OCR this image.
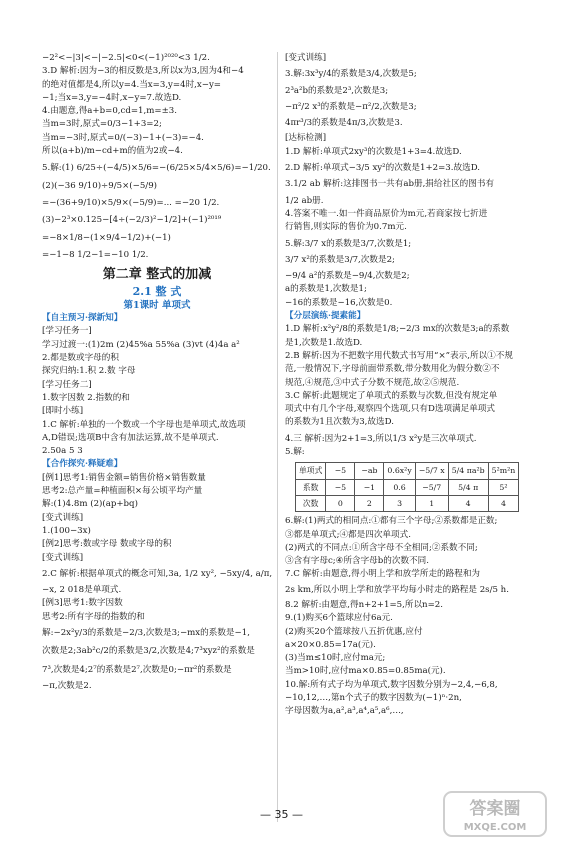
−2²<−|3|<−|−2.5|<0<(−1)²⁰²⁰<3 1/2.
3.D 解析:因为−3的相反数是3,所以x为3,因为4和−4
的绝对值都是4,所以y=4.当x=3,y=4时,x−y=
−1;当x=3,y=−4时,x−y=7.故选D.
4.由题意,得a+b=0,cd=1,m=±3.
当m=3时,原式=0/3−1+3=2;
当m=−3时,原式=0/(−3)−1+(−3)=−4.
所以(a+b)/m−cd+m的值为2或−4.
5.解:(1) 6/25÷(−4/5)×5/6=−(6/25×5/4×5/6)=−1/20.
(2)(−36 9/10)÷9/5×(−5/9)
=−(36+9/10)×5/9×(−5/9)=... =−20 1/2.
(3)−2³×0.125−[4÷(−2/3)²−1/2]+(−1)²⁰¹⁹
=−8×1/8−(1×9/4−1/2)+(−1)
=−1−8 1/2−1=−10 1/2.
第二章 整式的加减
2.1 整 式
第1课时 单项式
【自主预习·探新知】
[学习任务一]
学习过渡一:(1)2m (2)45%a 55%a (3)vt (4)4a a²
2.都是数或字母的积
探究归纳:1.积 2.数 字母
[学习任务二]
1.数字因数 2.指数的和
[即时小练]
1.C 解析:单独的一个数或一个字母也是单项式,故选项
A,D错误;选项B中含有加法运算,故不是单项式.
2.50a 5 3
【合作探究·释疑难】
[例1]思考1:销售金额=销售价格×销售数量
思考2:总产量=种植面积×每公顷平均产量
解:(1)4.8m (2)(ap+bq)
[变式训练]
1.(100−3x)
[例2]思考:数或字母 数或字母的积
[变式训练]
2.C 解析:根据单项式的概念可知,3a, 1/2 xy², −5xy/4, a/π,
−x, 2 018是单项式.
[例3]思考1:数字因数
思考2:所有字母的指数的和
解:−2x²y/3的系数是−2/3,次数是3;−mx的系数是−1,
次数是2;3ab²c/2的系数是3/2,次数是4;7³xyz²的系数是
7³,次数是4;2⁷的系数是2⁷,次数是0;−πr²的系数是
−π,次数是2.
[变式训练]
3.解:3x³y/4的系数是3/4,次数是5;
2³a²b的系数是2³,次数是3;
−π²/2 x³的系数是−π²/2,次数是3;
4πr³/3的系数是4π/3,次数是3.
[达标检测]
1.D 解析:单项式2xy³的次数是1+3=4.故选D.
2.D 解析:单项式−3/5 xy²的次数是1+2=3.故选D.
3.1/2 ab 解析:这排图书一共有ab册,捐给社区的图书有
1/2 ab册.
4.答案不唯一.如一件商品原价为m元,若商家按七折进
行销售,则实际的售价为0.7m元.
5.解:3/7 x的系数是3/7,次数是1;
3/7 x²的系数是3/7,次数是2;
−9/4 a²的系数是−9/4,次数是2;
a的系数是1,次数是1;
−16的系数是−16,次数是0.
【分层演练·提素能】
1.D 解析:x²y²/8的系数是1/8;−2/3 mx的次数是3;a的系数
是1,次数是1.故选D.
2.B 解析:因为不把数字用代数式书写用“×”表示,所以①不规
范,一般情况下,字母前面带系数,带分数用化为假分数②不
规范,④规范,③中式子分数不规范,故②⑤规范.
3.C 解析:此题规定了单项式的系数与次数,但没有规定单
项式中有几个字母,观察四个选项,只有D选项满足单项式
的系数为1且次数为3,故选D.
4.三 解析:因为2+1=3,所以1/3 x²y是三次单项式.
5.解:
单项式	−5	−ab	0.6x²y	−5/7 x	5/4 πa²b	5²m²n
系数	−5	−1	0.6	−5/7	5/4 π	5²
次数	0	2	3	1	4	4
6.解:(1)两式的相同点:①都有三个字母;②系数都是正数;
③都是单项式;④都是四次单项式.
(2)两式的不同点:①所含字母不全相同;②系数不同;
③含有字母c;④所含字母b的次数不同.
7.C 解析:由题意,得小明上学和放学所走的路程和为
2s km,所以小明上学和放学平均每小时走的路程是 2s/5 h.
8.2 解析:由题意,得n+2+1=5,所以n=2.
9.(1)购买6个篮球应付6a元.
(2)购买20个篮球按八五折优惠,应付
a×20×0.85=17a(元).
(3)当m≤10时,应付ma元;
当m>10时,应付ma×0.85=0.85ma(元).
10.解:所有式子均为单项式,数字因数分别为−2,4,−6,8,
−10,12,…,第n个式子的数字因数为(−1)ⁿ·2n,
字母因数为a,a²,a³,a⁴,a⁵,a⁶,…,
— 35 —	答案圈
MXQE.COM
